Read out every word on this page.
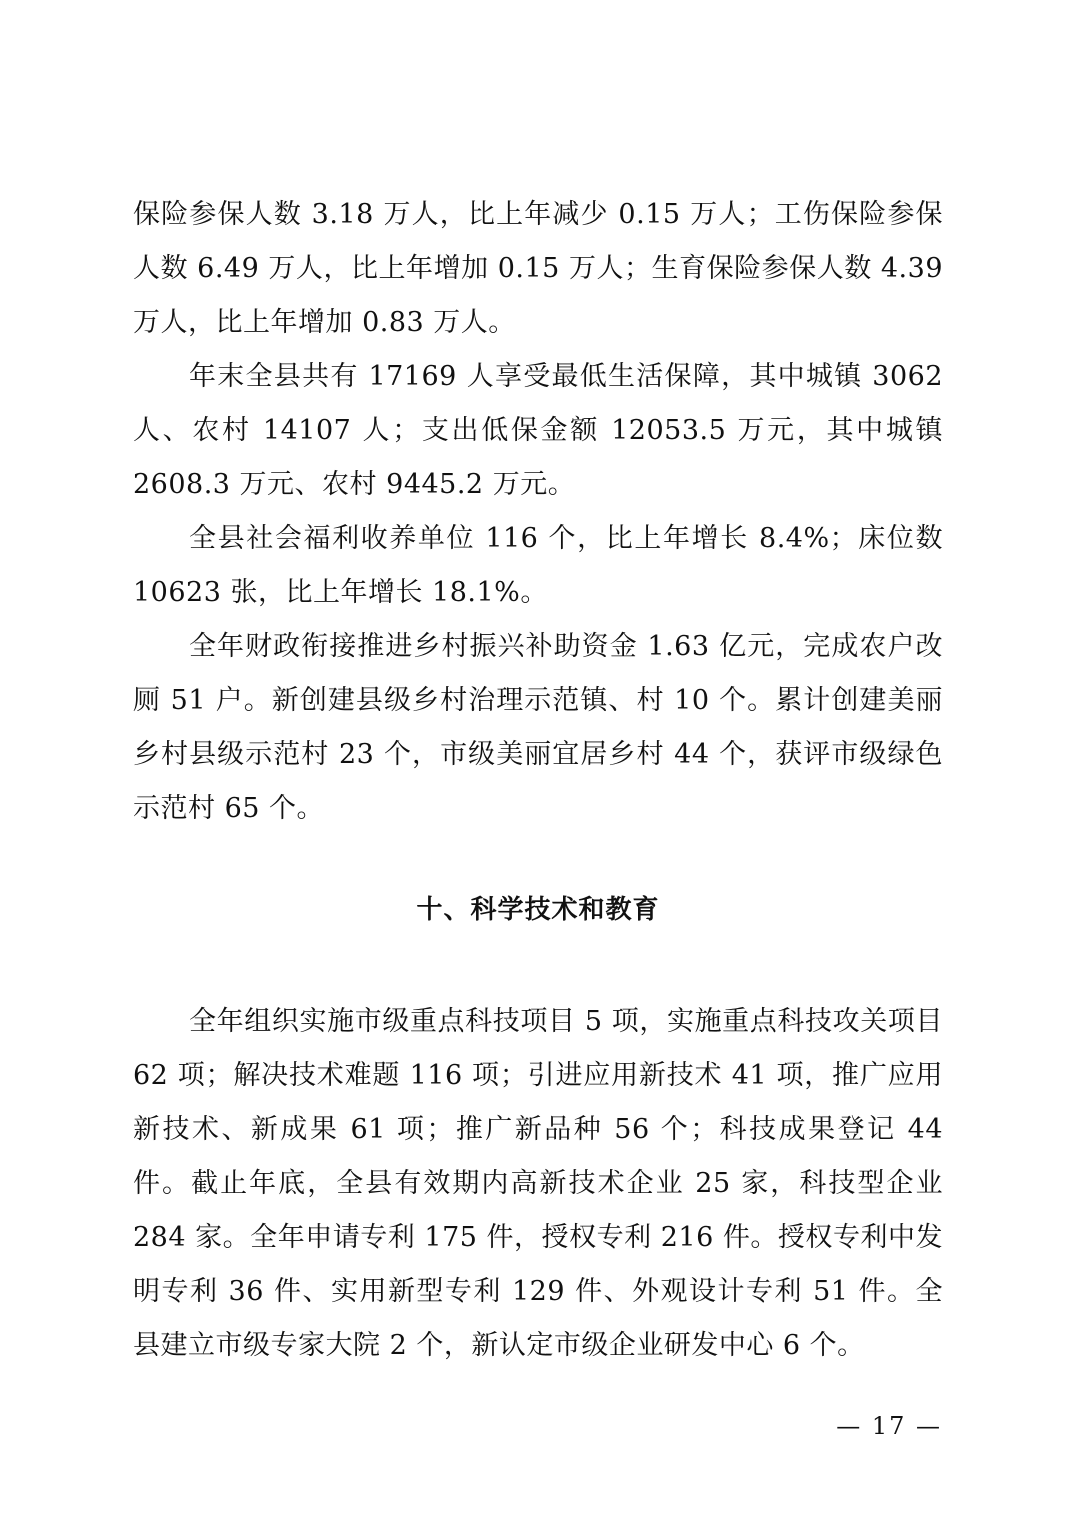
保险参保人数 3.18 万人，比上年减少 0.15 万人；工伤保险参保人数 6.49 万人，比上年增加 0.15 万人；生育保险参保人数 4.39 万人，比上年增加 0.83 万人。

年末全县共有 17169 人享受最低生活保障，其中城镇 3062 人、农村 14107 人；支出低保金额 12053.5 万元，其中城镇 2608.3 万元、农村 9445.2 万元。

全县社会福利收养单位 116 个，比上年增长 8.4%；床位数 10623 张，比上年增长 18.1%。

全年财政衔接推进乡村振兴补助资金 1.63 亿元，完成农户改厕 51 户。新创建县级乡村治理示范镇、村 10 个。累计创建美丽乡村县级示范村 23 个，市级美丽宜居乡村 44 个，获评市级绿色示范村 65 个。

十、科学技术和教育

全年组织实施市级重点科技项目 5 项，实施重点科技攻关项目 62 项；解决技术难题 116 项；引进应用新技术 41 项，推广应用新技术、新成果 61 项；推广新品种 56 个；科技成果登记 44 件。截止年底，全县有效期内高新技术企业 25 家，科技型企业 284 家。全年申请专利 175 件，授权专利 216 件。授权专利中发明专利 36 件、实用新型专利 129 件、外观设计专利 51 件。全县建立市级专家大院 2 个，新认定市级企业研发中心 6 个。

— 17 —
